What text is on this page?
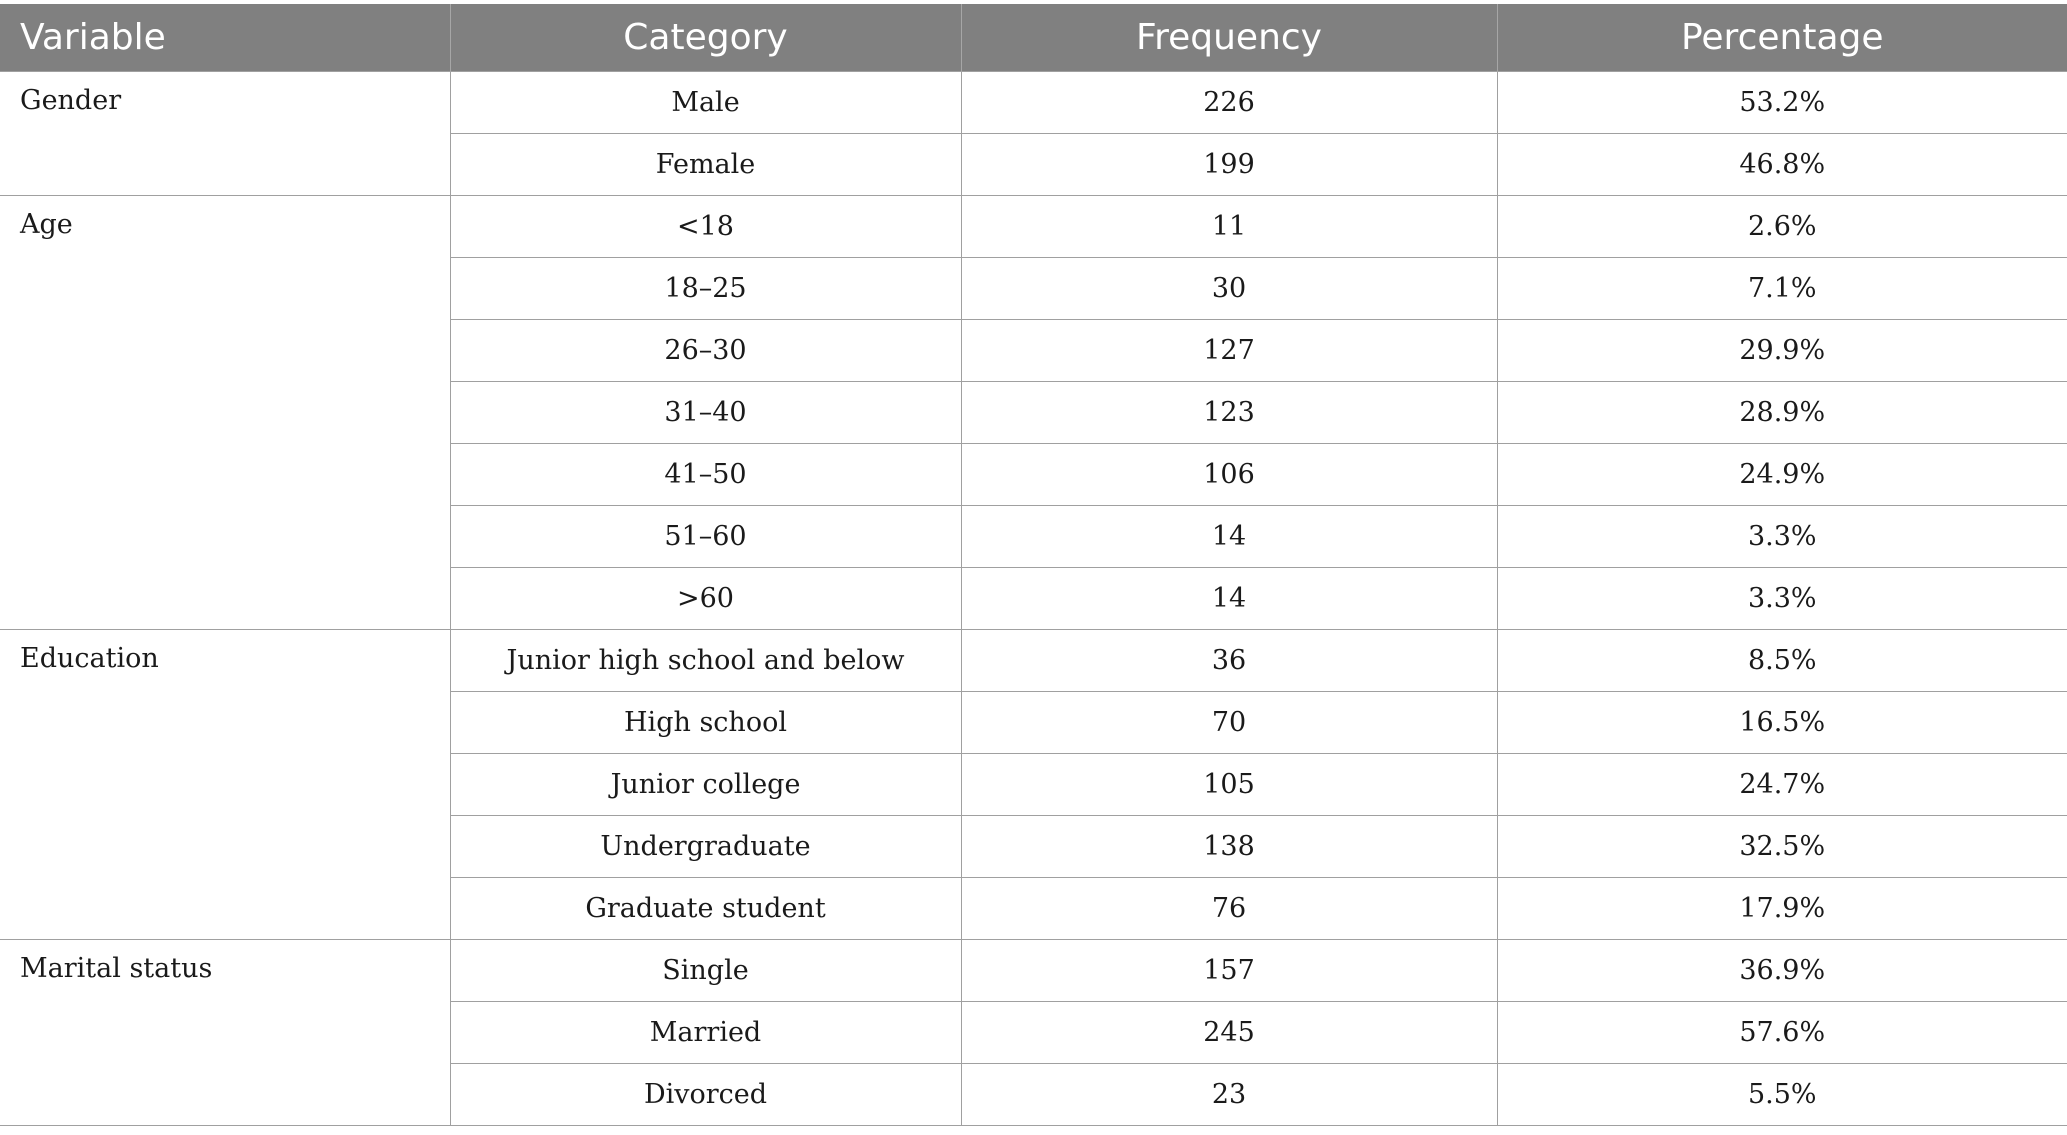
Variable	Category	Frequency	Percentage
Gender	Male	226	53.2%
	Female	199	46.8%
Age	<18	11	2.6%
	18–25	30	7.1%
	26–30	127	29.9%
	31–40	123	28.9%
	41–50	106	24.9%
	51–60	14	3.3%
	>60	14	3.3%
Education	Junior high school and below	36	8.5%
	High school	70	16.5%
	Junior college	105	24.7%
	Undergraduate	138	32.5%
	Graduate student	76	17.9%
Marital status	Single	157	36.9%
	Married	245	57.6%
	Divorced	23	5.5%
